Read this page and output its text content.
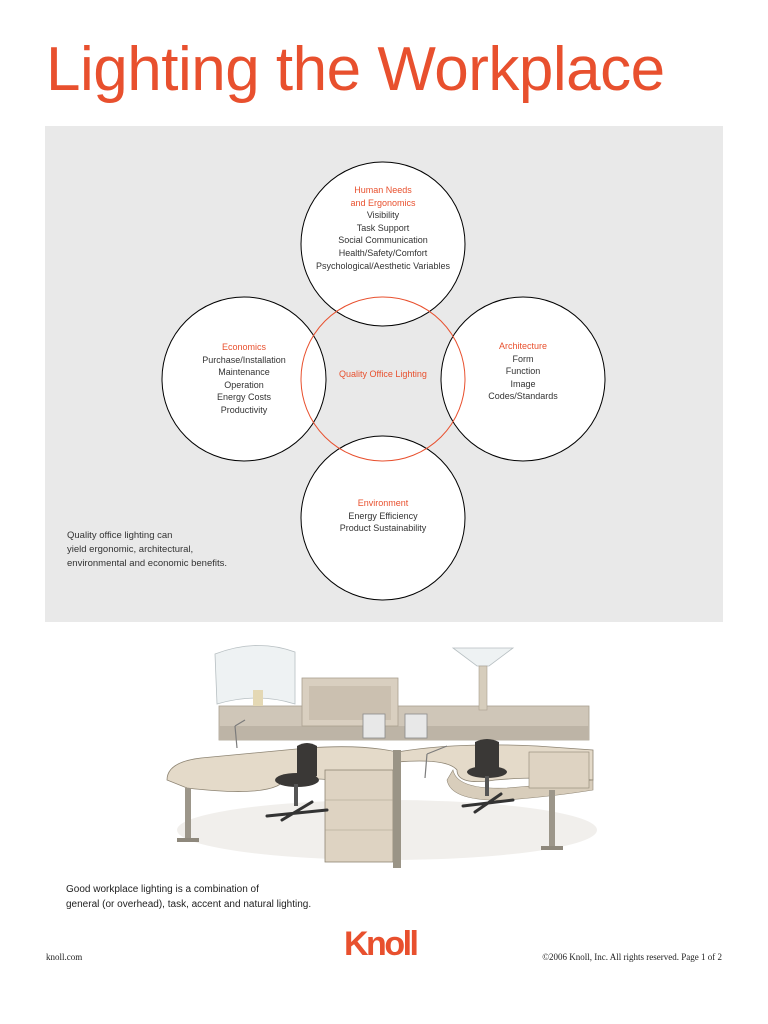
Lighting the Workplace
Human Needs
and Ergonomics
Visibility
Task Support
Social Communication
Health/Safety/Comfort
Psychological/Aesthetic Variables
Economics
Purchase/Installation
Maintenance
Operation
Energy Costs
Productivity
Quality Office Lighting
Architecture
Form
Function
Image
Codes/Standards
Environment
Energy Efficiency
Product Sustainability
Quality office lighting can
yield ergonomic, architectural,
environmental and economic benefits.
Good workplace lighting is a combination of
general (or overhead), task, accent and natural lighting.
knoll.com	Knoll	©2006 Knoll, Inc. All rights reserved. Page 1 of 2
